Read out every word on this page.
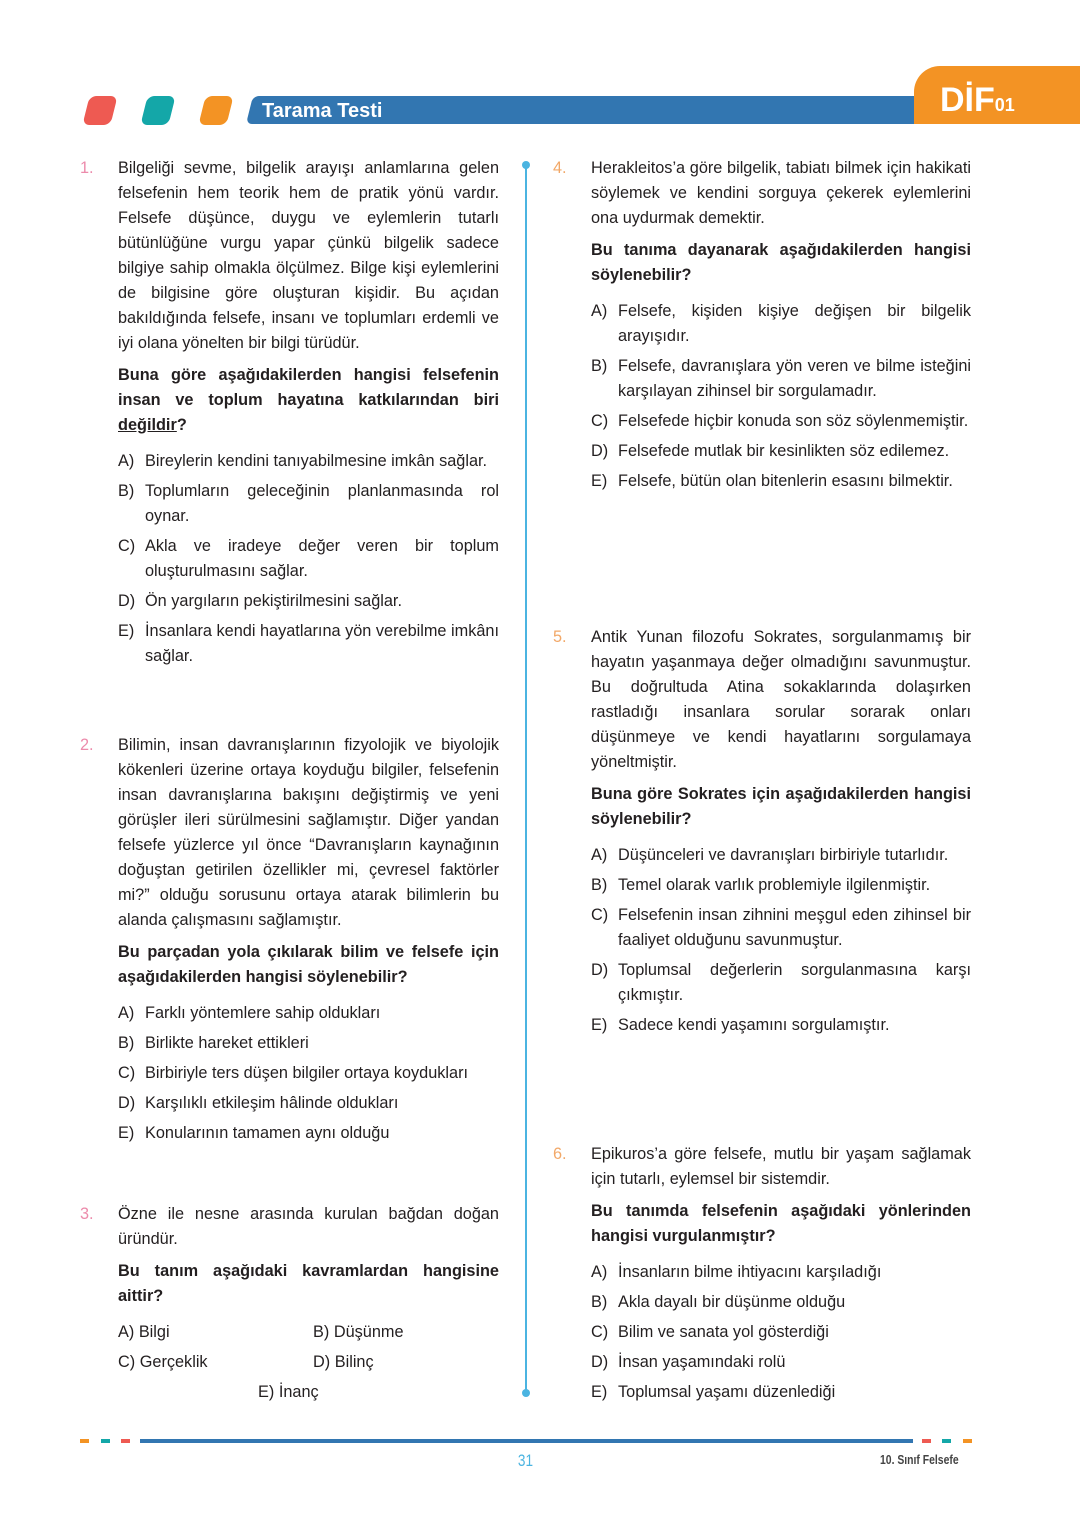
Tarama Testi	DİF01
1. Bilgeliği sevme, bilgelik arayışı anlamlarına gelen felsefenin hem teorik hem de pratik yönü vardır. Felsefe düşünce, duygu ve eylemlerin tutarlı bütünlüğüne vurgu yapar çünkü bilgelik sadece bilgiye sahip olmakla ölçülmez. Bilge kişi eylemlerini de bilgisine göre oluşturan kişidir. Bu açıdan bakıldığında felsefe, insanı ve toplumları erdemli ve iyi olana yönelten bir bilgi türüdür.

Buna göre aşağıdakilerden hangisi felsefenin insan ve toplum hayatına katkılarından biri değildir?

A) Bireylerin kendini tanıyabilmesine imkân sağlar.
B) Toplumların geleceğinin planlanmasında rol oynar.
C) Akla ve iradeye değer veren bir toplum oluşturulmasını sağlar.
D) Ön yargıların pekiştirilmesini sağlar.
E) İnsanlara kendi hayatlarına yön verebilme imkânı sağlar.
2. Bilimin, insan davranışlarının fizyolojik ve biyolojik kökenleri üzerine ortaya koyduğu bilgiler, felsefenin insan davranışlarına bakışını değiştirmiş ve yeni görüşler ileri sürülmesini sağlamıştır. Diğer yandan felsefe yüzlerce yıl önce “Davranışların kaynağının doğuştan getirilen özellikler mi, çevresel faktörler mi?” olduğu sorusunu ortaya atarak bilimlerin bu alanda çalışmasını sağlamıştır.

Bu parçadan yola çıkılarak bilim ve felsefe için aşağıdakilerden hangisi söylenebilir?

A) Farklı yöntemlere sahip oldukları
B) Birlikte hareket ettikleri
C) Birbiriyle ters düşen bilgiler ortaya koydukları
D) Karşılıklı etkileşim hâlinde oldukları
E) Konularının tamamen aynı olduğu
3. Özne ile nesne arasında kurulan bağdan doğan üründür.

Bu tanım aşağıdaki kavramlardan hangisine aittir?

A) Bilgi	B) Düşünme
C) Gerçeklik	D) Bilinç
E) İnanç
4. Herakleitos’a göre bilgelik, tabiatı bilmek için hakikati söylemek ve kendini sorguya çekerek eylemlerini ona uydurmak demektir.

Bu tanıma dayanarak aşağıdakilerden hangisi söylenebilir?

A) Felsefe, kişiden kişiye değişen bir bilgelik arayışıdır.
B) Felsefe, davranışlara yön veren ve bilme isteğini karşılayan zihinsel bir sorgulamadır.
C) Felsefede hiçbir konuda son söz söylenmemiştir.
D) Felsefede mutlak bir kesinlikten söz edilemez.
E) Felsefe, bütün olan bitenlerin esasını bilmektir.
5. Antik Yunan filozofu Sokrates, sorgulanmamış bir hayatın yaşanmaya değer olmadığını savunmuştur. Bu doğrultuda Atina sokaklarında dolaşırken rastladığı insanlara sorular sorarak onları düşünmeye ve kendi hayatlarını sorgulamaya yöneltmiştir.

Buna göre Sokrates için aşağıdakilerden hangisi söylenebilir?

A) Düşünceleri ve davranışları birbiriyle tutarlıdır.
B) Temel olarak varlık problemiyle ilgilenmiştir.
C) Felsefenin insan zihnini meşgul eden zihinsel bir faaliyet olduğunu savunmuştur.
D) Toplumsal değerlerin sorgulanmasına karşı çıkmıştır.
E) Sadece kendi yaşamını sorgulamıştır.
6. Epikuros’a göre felsefe, mutlu bir yaşam sağlamak için tutarlı, eylemsel bir sistemdir.

Bu tanımda felsefenin aşağıdaki yönlerinden hangisi vurgulanmıştır?

A) İnsanların bilme ihtiyacını karşıladığı
B) Akla dayalı bir düşünme olduğu
C) Bilim ve sanata yol gösterdiği
D) İnsan yaşamındaki rolü
E) Toplumsal yaşamı düzenlediği
31	10. Sınıf Felsefe
